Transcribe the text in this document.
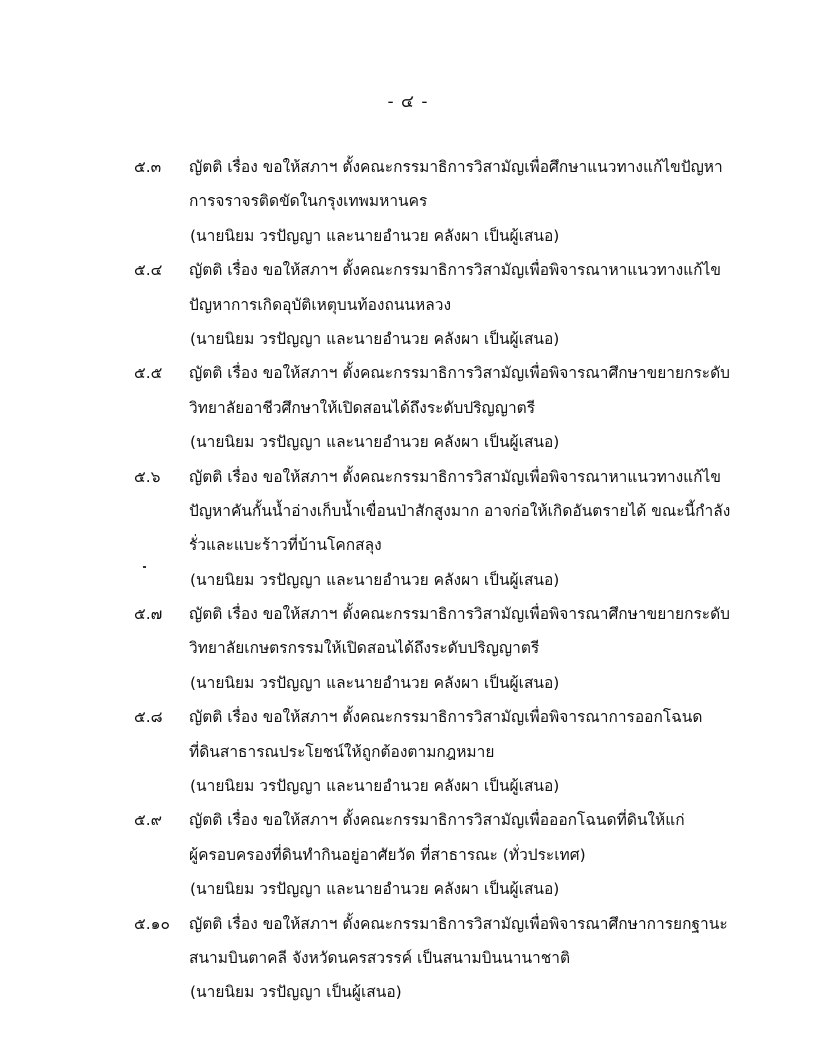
- ๔ -
๕.๓	ญัตติ เรื่อง ขอให้สภาฯ ตั้งคณะกรรมาธิการวิสามัญเพื่อศึกษาแนวทางแก้ไขปัญหา
การจราจรติดขัดในกรุงเทพมหานคร
(นายนิยม วรปัญญา และนายอำนวย คลังผา เป็นผู้เสนอ)
๕.๔	ญัตติ เรื่อง ขอให้สภาฯ ตั้งคณะกรรมาธิการวิสามัญเพื่อพิจารณาหาแนวทางแก้ไข
ปัญหาการเกิดอุบัติเหตุบนท้องถนนหลวง
(นายนิยม วรปัญญา และนายอำนวย คลังผา เป็นผู้เสนอ)
๕.๕	ญัตติ เรื่อง ขอให้สภาฯ ตั้งคณะกรรมาธิการวิสามัญเพื่อพิจารณาศึกษาขยายกระดับ
วิทยาลัยอาชีวศึกษาให้เปิดสอนได้ถึงระดับปริญญาตรี
(นายนิยม วรปัญญา และนายอำนวย คลังผา เป็นผู้เสนอ)
๕.๖	ญัตติ เรื่อง ขอให้สภาฯ ตั้งคณะกรรมาธิการวิสามัญเพื่อพิจารณาหาแนวทางแก้ไข
ปัญหาคันกั้นน้ำอ่างเก็บน้ำเขื่อนป่าสักสูงมาก อาจก่อให้เกิดอันตรายได้ ขณะนี้กำลัง
รั่วและแบะร้าวที่บ้านโคกสลุง
(นายนิยม วรปัญญา และนายอำนวย คลังผา เป็นผู้เสนอ)
๕.๗	ญัตติ เรื่อง ขอให้สภาฯ ตั้งคณะกรรมาธิการวิสามัญเพื่อพิจารณาศึกษาขยายกระดับ
วิทยาลัยเกษตรกรรมให้เปิดสอนได้ถึงระดับปริญญาตรี
(นายนิยม วรปัญญา และนายอำนวย คลังผา เป็นผู้เสนอ)
๕.๘	ญัตติ เรื่อง ขอให้สภาฯ ตั้งคณะกรรมาธิการวิสามัญเพื่อพิจารณาการออกโฉนด
ที่ดินสาธารณประโยชน์ให้ถูกต้องตามกฎหมาย
(นายนิยม วรปัญญา และนายอำนวย คลังผา เป็นผู้เสนอ)
๕.๙	ญัตติ เรื่อง ขอให้สภาฯ ตั้งคณะกรรมาธิการวิสามัญเพื่อออกโฉนดที่ดินให้แก่
ผู้ครอบครองที่ดินทำกินอยู่อาศัยวัด ที่สาธารณะ (ทั่วประเทศ)
(นายนิยม วรปัญญา และนายอำนวย คลังผา เป็นผู้เสนอ)
๕.๑๐	ญัตติ เรื่อง ขอให้สภาฯ ตั้งคณะกรรมาธิการวิสามัญเพื่อพิจารณาศึกษาการยกฐานะ
สนามบินตาคลี จังหวัดนครสวรรค์ เป็นสนามบินนานาชาติ
(นายนิยม วรปัญญา เป็นผู้เสนอ)
